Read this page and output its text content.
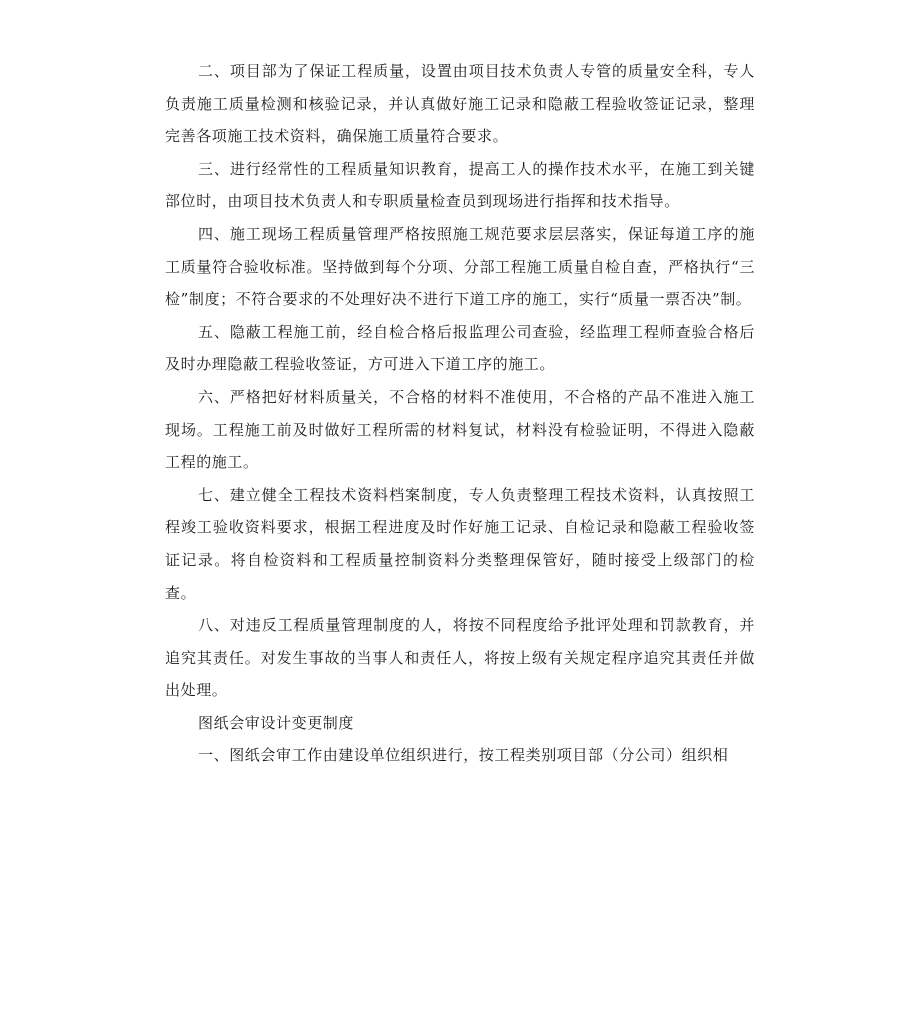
二、项目部为了保证工程质量，设置由项目技术负责人专管的质量安全科，专人负责施工质量检测和核验记录，并认真做好施工记录和隐蔽工程验收签证记录，整理完善各项施工技术资料，确保施工质量符合要求。

三、进行经常性的工程质量知识教育，提高工人的操作技术水平，在施工到关键部位时，由项目技术负责人和专职质量检查员到现场进行指挥和技术指导。

四、施工现场工程质量管理严格按照施工规范要求层层落实，保证每道工序的施工质量符合验收标准。坚持做到每个分项、分部工程施工质量自检自查，严格执行“三检”制度；不符合要求的不处理好决不进行下道工序的施工，实行“质量一票否决”制。

五、隐蔽工程施工前，经自检合格后报监理公司查验，经监理工程师查验合格后及时办理隐蔽工程验收签证，方可进入下道工序的施工。

六、严格把好材料质量关，不合格的材料不准使用，不合格的产品不准进入施工现场。工程施工前及时做好工程所需的材料复试，材料没有检验证明，不得进入隐蔽工程的施工。

七、建立健全工程技术资料档案制度，专人负责整理工程技术资料，认真按照工程竣工验收资料要求，根据工程进度及时作好施工记录、自检记录和隐蔽工程验收签证记录。将自检资料和工程质量控制资料分类整理保管好，随时接受上级部门的检查。

八、对违反工程质量管理制度的人，将按不同程度给予批评处理和罚款教育，并追究其责任。对发生事故的当事人和责任人，将按上级有关规定程序追究其责任并做出处理。

图纸会审设计变更制度

一、图纸会审工作由建设单位组织进行，按工程类别项目部（分公司）组织相
